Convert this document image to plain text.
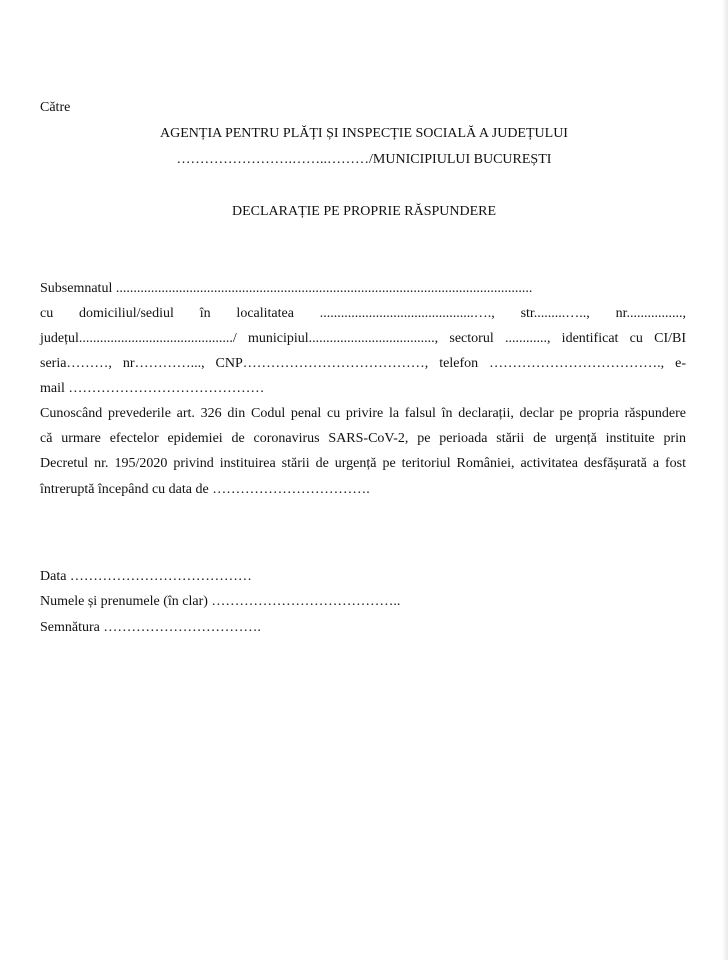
Către
AGENȚIA PENTRU PLĂȚI ȘI INSPECȚIE SOCIALĂ A JUDEȚULUI
…………………….……..………/MUNICIPIULUI BUCUREȘTI
DECLARAȚIE PE PROPRIE RĂSPUNDERE
Subsemnatul .......................................................................................................................
cu domiciliul/sediul în localitatea ............................................…., str.........….., nr................,
județul............................................/ municipiul...................................., sectorul ............, identificat cu CI/BI
seria………, nr…………..., CNP…………………………………, telefon ………………………………., e-
mail ……………………………………
Cunoscând prevederile art. 326 din Codul penal cu privire la falsul în declarații, declar pe propria răspundere
că urmare efectelor epidemiei de coronavirus SARS-CoV-2, pe perioada stării de urgență instituite prin
Decretul nr. 195/2020 privind instituirea stării de urgență pe teritoriul României, activitatea desfășurată a fost
întreruptă începând cu data de …………………………….
Data …………………………………
Numele și prenumele (în clar) …………………………………..
Semnătura …………………………….
